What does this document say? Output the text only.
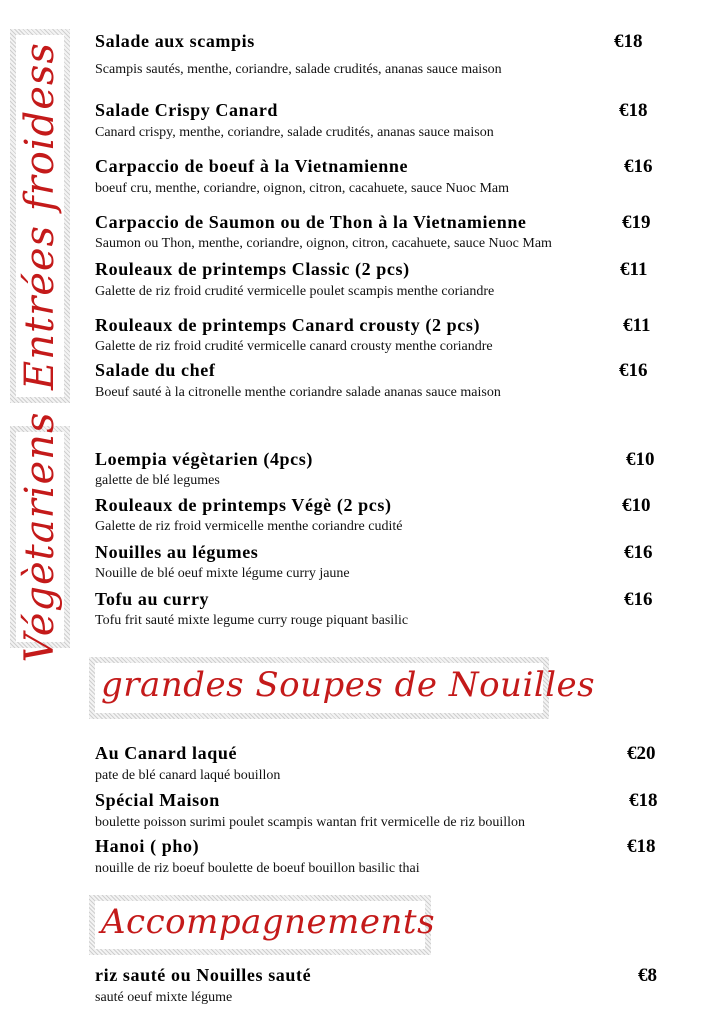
Entrées froidess
Végètariens
grandes Soupes de Nouilles
Accompagnements
Salade aux scampis	€18
Scampis sautés, menthe, coriandre, salade crudités, ananas sauce maison
Salade Crispy Canard	€18
Canard crispy, menthe, coriandre, salade crudités, ananas sauce maison
Carpaccio de boeuf à la Vietnamienne	€16
boeuf cru, menthe, coriandre, oignon, citron, cacahuete, sauce Nuoc Mam
Carpaccio de Saumon ou de Thon à la Vietnamienne	€19
Saumon ou Thon, menthe, coriandre, oignon, citron, cacahuete, sauce Nuoc Mam
Rouleaux de printemps Classic (2 pcs)	€11
Galette de riz froid crudité vermicelle poulet scampis menthe coriandre
Rouleaux de printemps Canard crousty (2 pcs)	€11
Galette de riz froid crudité vermicelle canard crousty menthe coriandre
Salade du chef	€16
Boeuf sauté à la citronelle menthe coriandre salade ananas sauce maison
Loempia végètarien (4pcs)	€10
galette de blé legumes
Rouleaux de printemps Végè (2 pcs)	€10
Galette de riz froid vermicelle menthe coriandre cudité
Nouilles au légumes	€16
Nouille de blé oeuf mixte légume curry jaune
Tofu au curry	€16
Tofu frit sauté mixte legume curry rouge piquant basilic
Au Canard laqué	€20
pate de blé canard laqué bouillon
Spécial Maison	€18
boulette poisson surimi poulet scampis wantan frit vermicelle de riz bouillon
Hanoi ( pho)	€18
nouille de riz boeuf boulette de boeuf bouillon basilic thai
riz sauté ou Nouilles sauté	€8
sauté oeuf mixte légume
